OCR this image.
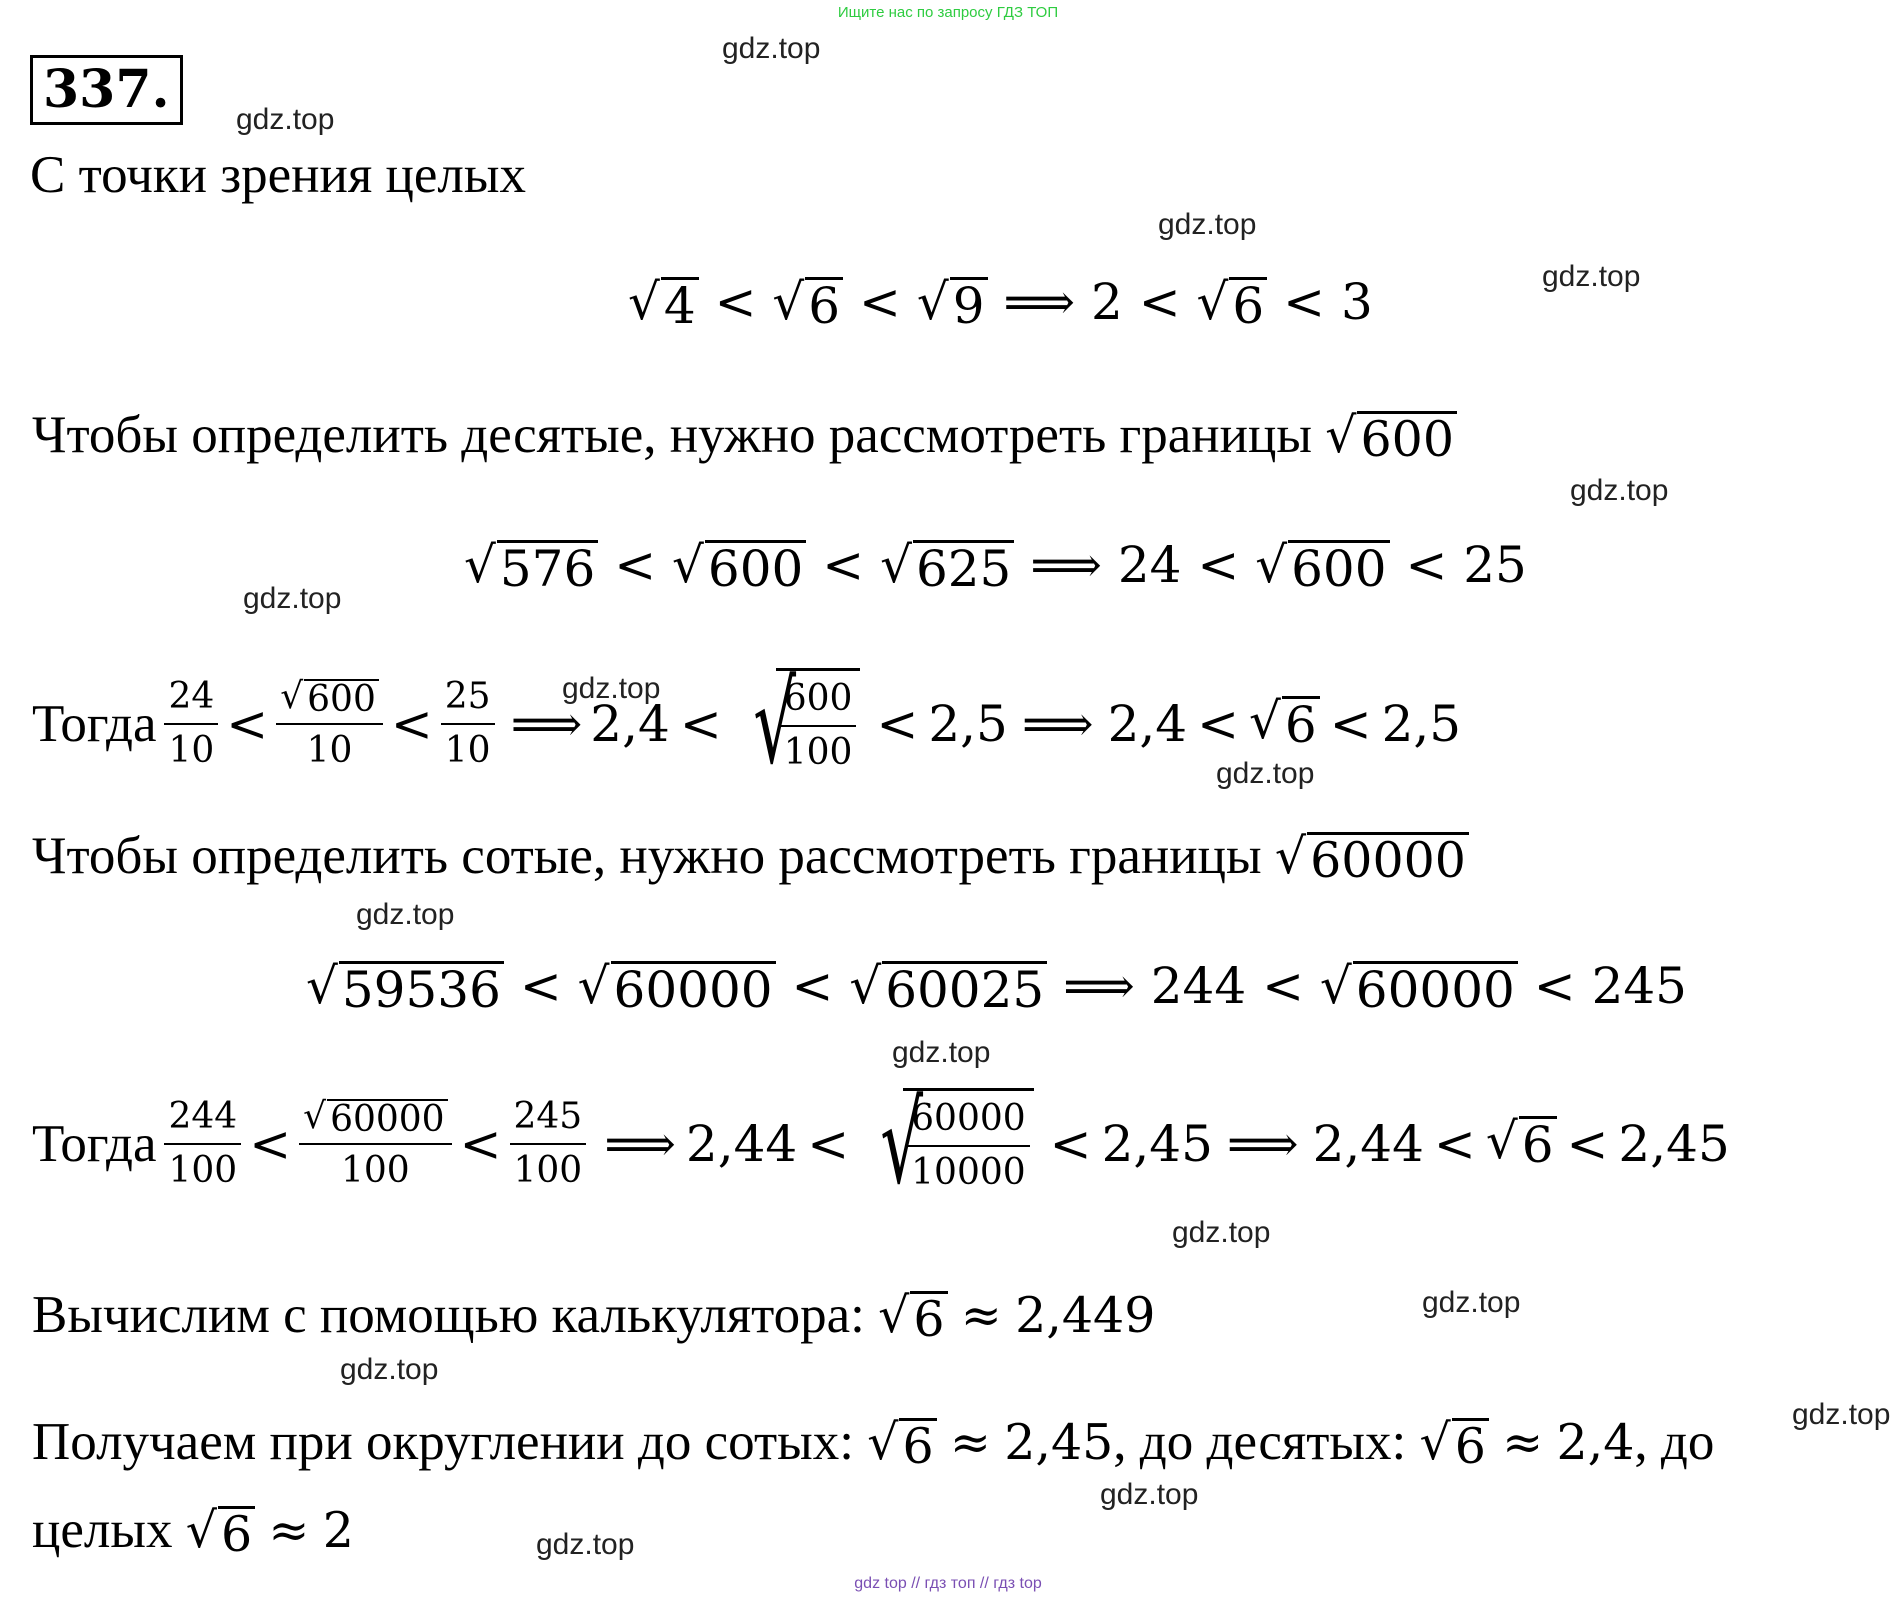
Ищите нас по запросу ГДЗ ТОП
337.
gdz.top
gdz.top
gdz.top
gdz.top
gdz.top
gdz.top
gdz.top
gdz.top
gdz.top
gdz.top
gdz.top
gdz.top
gdz.top
gdz.top
gdz.top
gdz.top
С точки зрения целых
√ 4 < √ 6 < √ 9 ⟹ 2 < √ 6 < 3
Чтобы определить десятые, нужно рассмотреть границы √ 600
√ 576 < √ 600 < √ 625 ⟹ 24 < √ 600 < 25
Тогда $\frac{24}{10} < \frac{√ 600}{10} < \frac{25}{10}$ ⟹ 2,4 < √
$\frac{600}{100} < 2,5$ ⟹ 2,4 < √ 6 < 2,5
Чтобы определить сотые, нужно рассмотреть границы √ 60000
√ 59536 < √ 60000 < √ 60025 ⟹ 244 < √ 60000 < 245
Тогда $\frac{244}{100} < \frac{√ 60000}{100} < \frac{245}{100}$ ⟹ 2,44 < √
$\frac{60000}{10000} < 2,45$ ⟹ 2,44 < √ 6 < 2,45
Вычислим с помощью калькулятора: √ 6 ≈ 2,449
Получаем при округлении до сотых: √ 6 ≈ 2,45, до десятых: √ 6 ≈ 2,4, до
целых √ 6 ≈ 2
gdz top // гдз топ // гдз top
